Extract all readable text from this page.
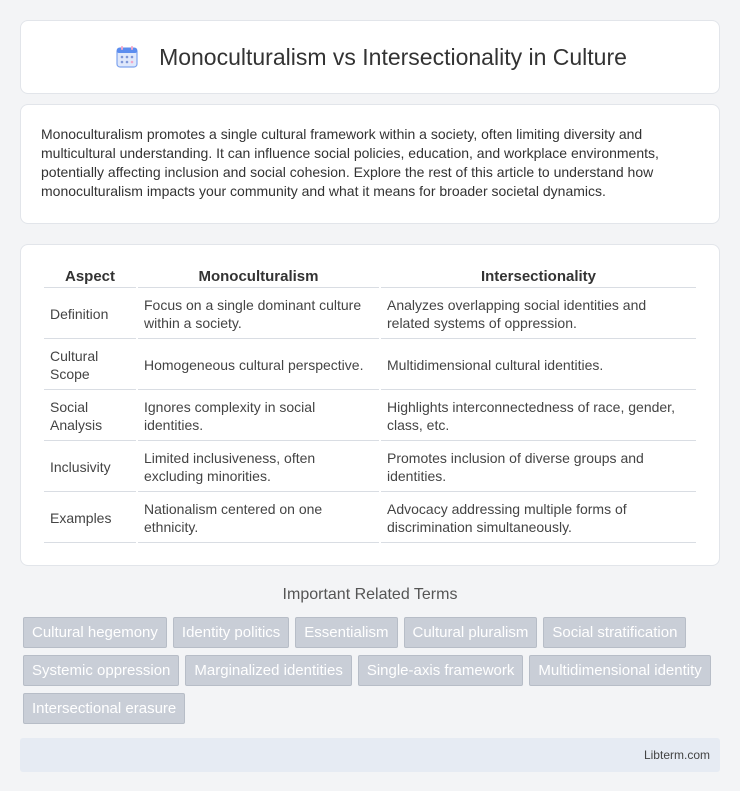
Monoculturalism vs Intersectionality in Culture

Monoculturalism promotes a single cultural framework within a society, often limiting diversity and multicultural understanding. It can influence social policies, education, and workplace environments, potentially affecting inclusion and social cohesion. Explore the rest of this article to understand how monoculturalism impacts your community and what it means for broader societal dynamics.

Aspect	Monoculturalism	Intersectionality
Definition	Focus on a single dominant culture within a society.	Analyzes overlapping social identities and related systems of oppression.
Cultural Scope	Homogeneous cultural perspective.	Multidimensional cultural identities.
Social Analysis	Ignores complexity in social identities.	Highlights interconnectedness of race, gender, class, etc.
Inclusivity	Limited inclusiveness, often excluding minorities.	Promotes inclusion of diverse groups and identities.
Examples	Nationalism centered on one ethnicity.	Advocacy addressing multiple forms of discrimination simultaneously.
Important Related Terms
Cultural hegemony	Identity politics	Essentialism	Cultural pluralism	Social stratification
Systemic oppression	Marginalized identities	Single-axis framework	Multidimensional identity
Intersectional erasure
Libterm.com
